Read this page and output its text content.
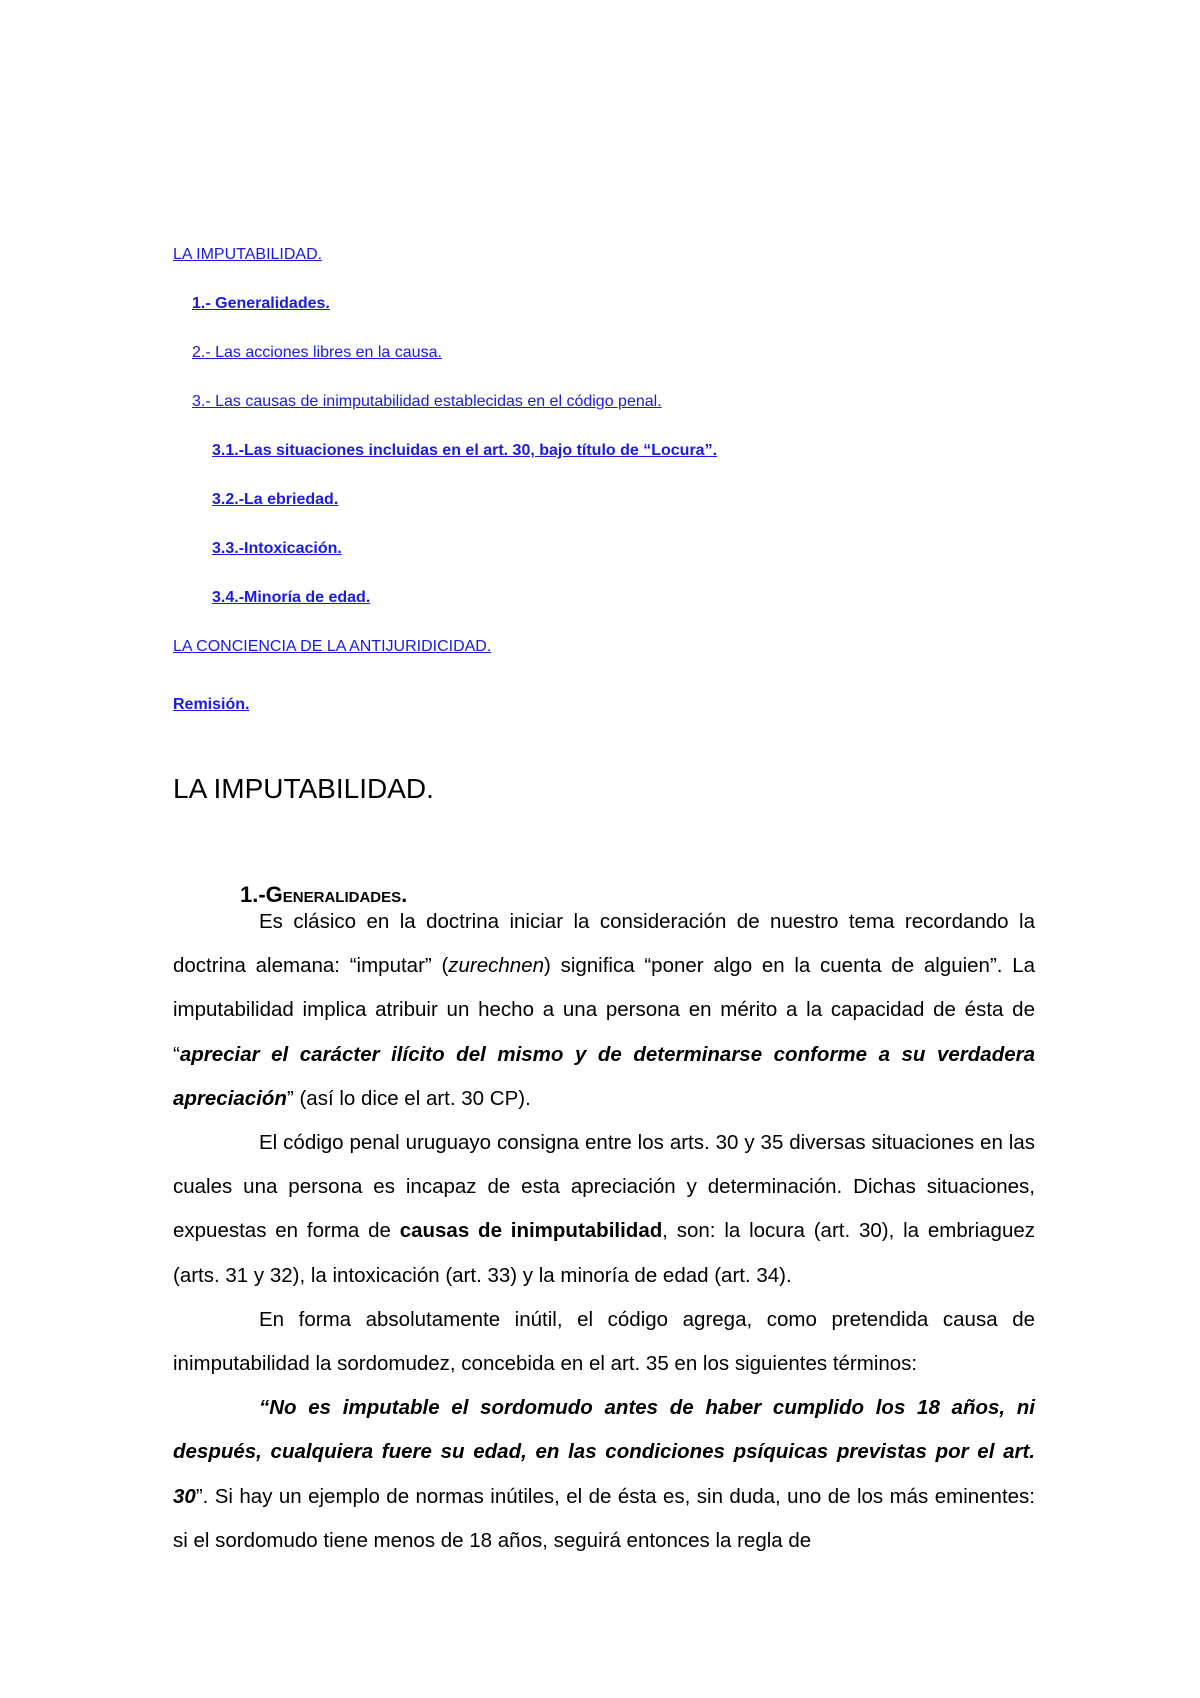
LA IMPUTABILIDAD.
1.- Generalidades.
2.- Las acciones libres en la causa.
3.- Las causas de inimputabilidad establecidas en el código penal.
3.1.-Las situaciones incluidas en el art. 30, bajo título de “Locura”.
3.2.-La ebriedad.
3.3.-Intoxicación.
3.4.-Minoría de edad.
LA CONCIENCIA DE LA ANTIJURIDICIDAD.
Remisión.
LA IMPUTABILIDAD.
1.-Generalidades.

Es clásico en la doctrina iniciar la consideración de nuestro tema recordando la doctrina alemana: “imputar” (zurechnen) significa “poner algo en la cuenta de alguien”. La imputabilidad implica atribuir un hecho a una persona en mérito a la capacidad de ésta de “apreciar el carácter ilícito del mismo y de determinarse conforme a su verdadera apreciación” (así lo dice el art. 30 CP).

El código penal uruguayo consigna entre los arts. 30 y 35 diversas situaciones en las cuales una persona es incapaz de esta apreciación y determinación. Dichas situaciones, expuestas en forma de causas de inimputabilidad, son: la locura (art. 30), la embriaguez (arts. 31 y 32), la intoxicación (art. 33) y la minoría de edad (art. 34).

En forma absolutamente inútil, el código agrega, como pretendida causa de inimputabilidad la sordomudez, concebida en el art. 35 en los siguientes términos:

“No es imputable el sordomudo antes de haber cumplido los 18 años, ni después, cualquiera fuere su edad, en las condiciones psíquicas previstas por el art. 30”. Si hay un ejemplo de normas inútiles, el de ésta es, sin duda, uno de los más eminentes: si el sordomudo tiene menos de 18 años, seguirá entonces la regla de
